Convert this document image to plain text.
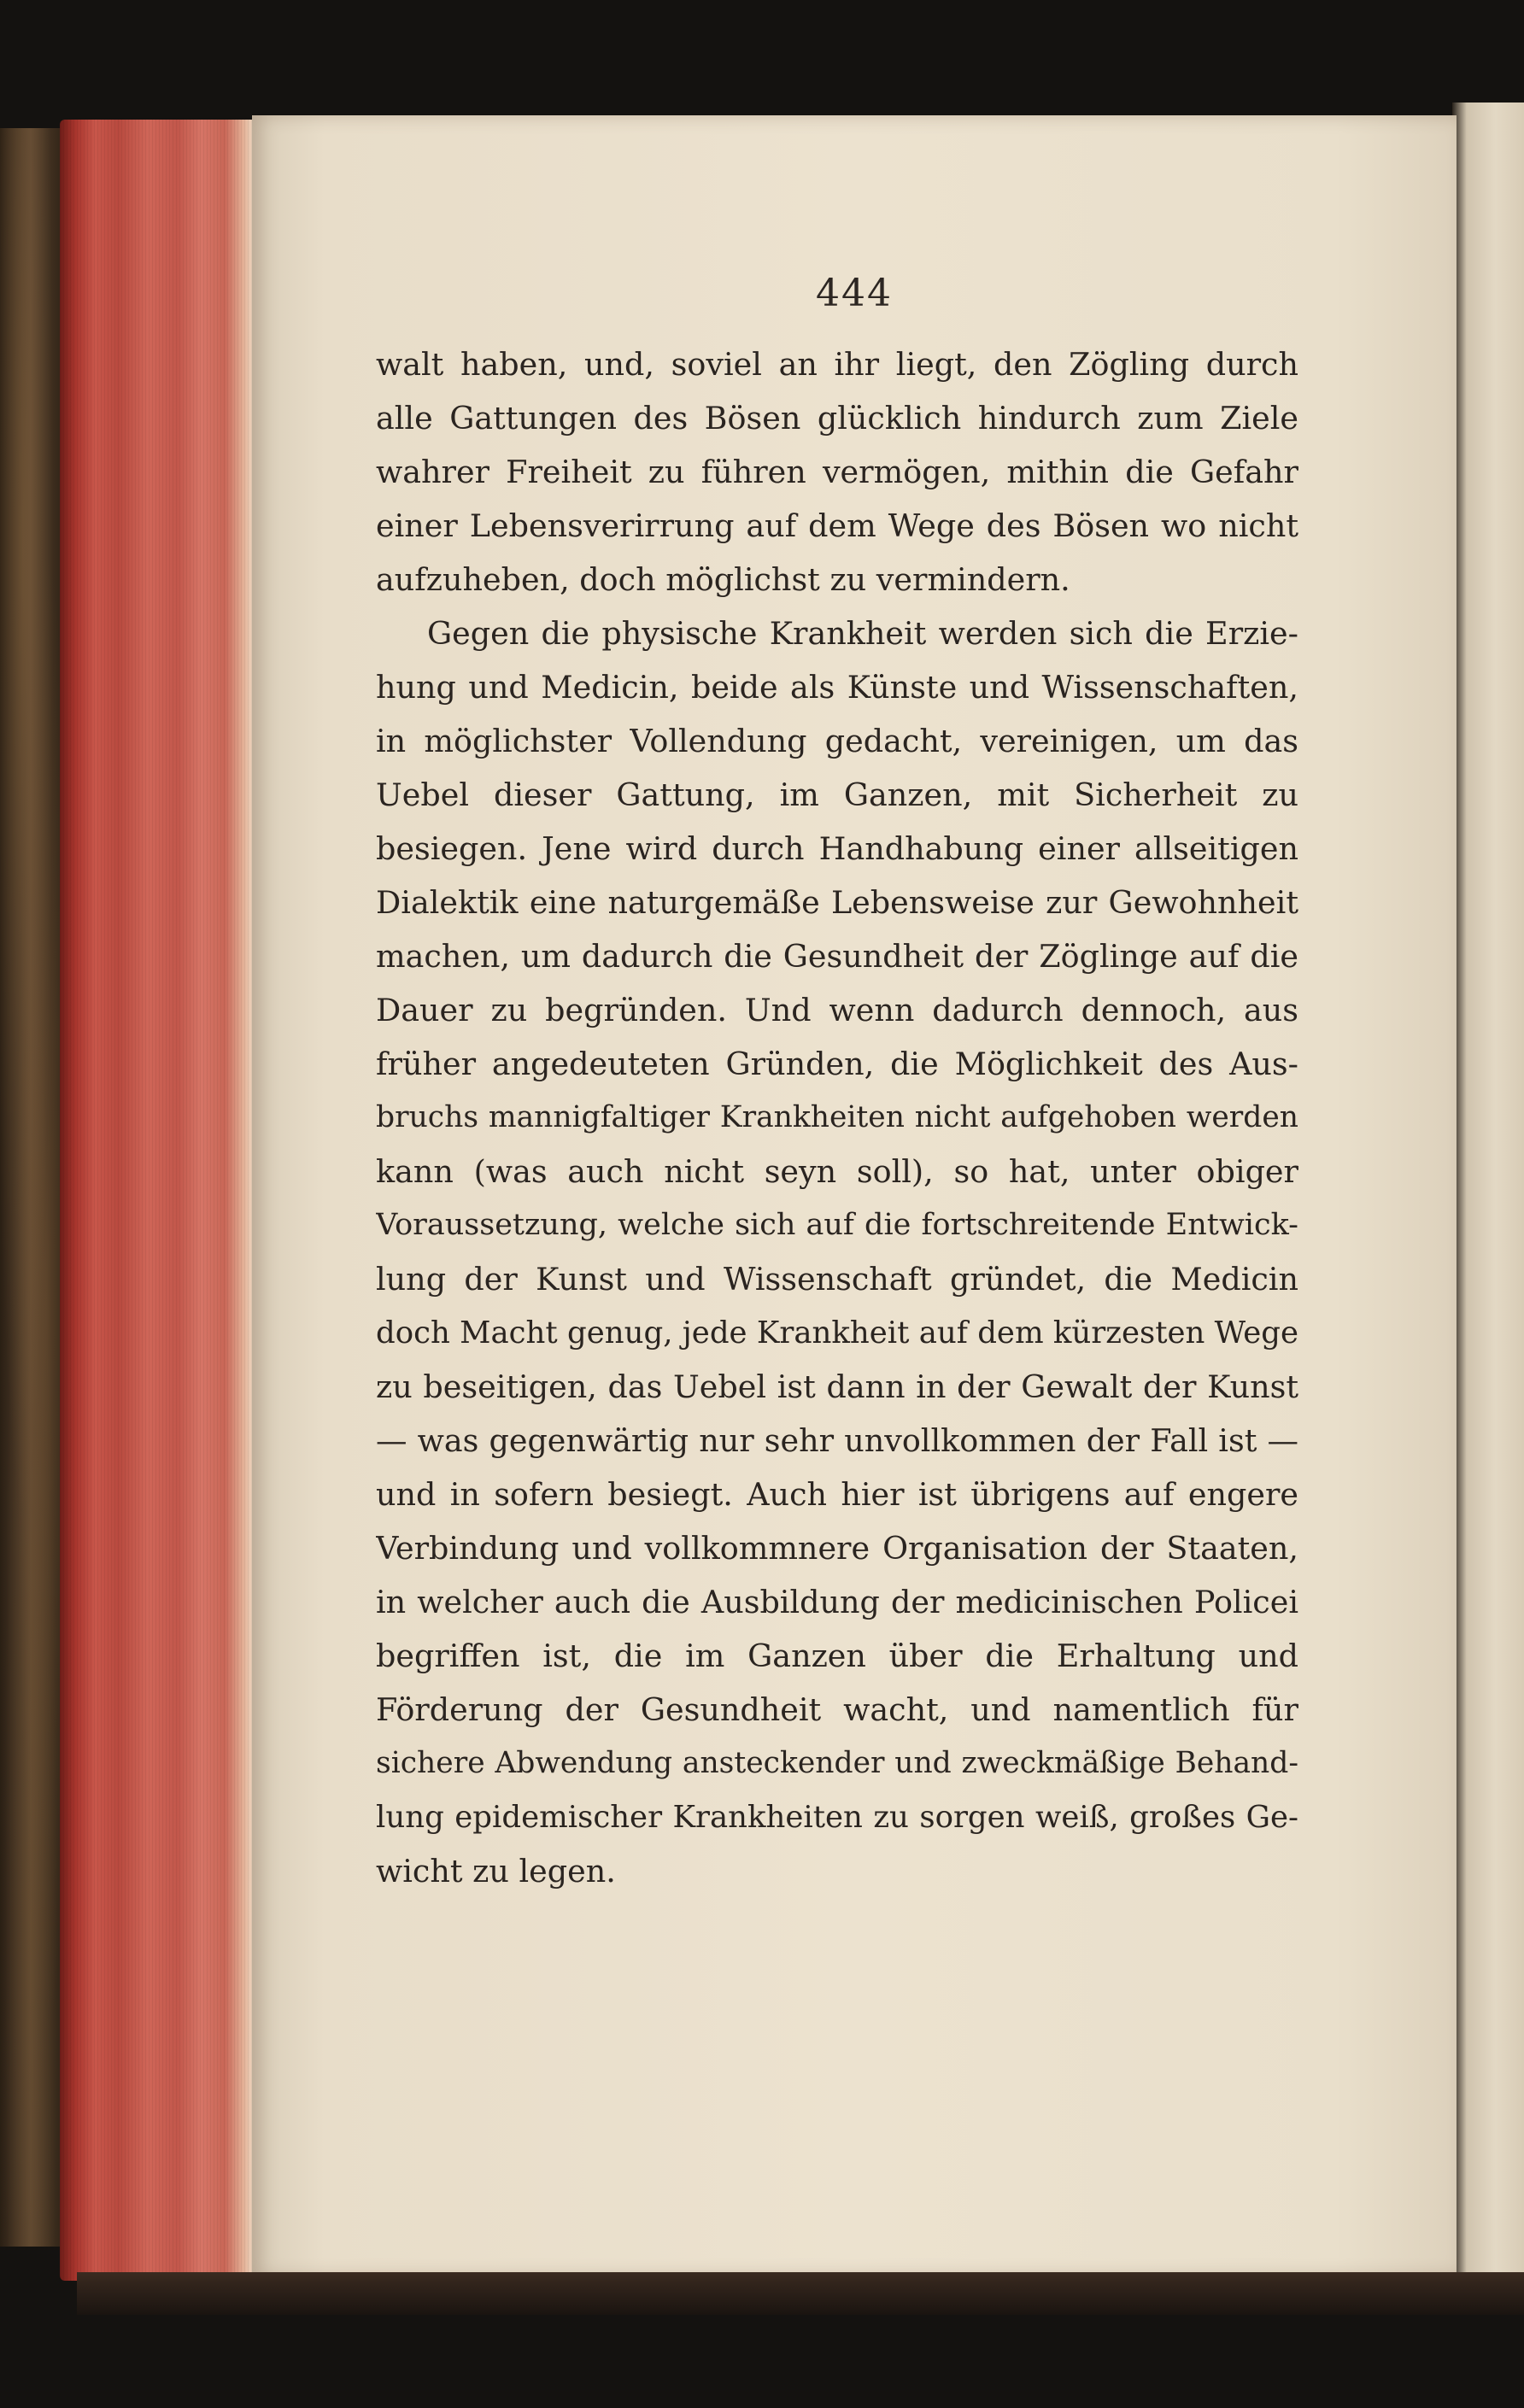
444
walt haben, und, soviel an ihr liegt, den Zögling durch
alle Gattungen des Bösen glücklich hindurch zum Ziele
wahrer Freiheit zu führen vermögen, mithin die Gefahr
einer Lebensverirrung auf dem Wege des Bösen wo nicht
aufzuheben, doch möglichst zu vermindern.
Gegen die physische Krankheit werden sich die Erzie-
hung und Medicin, beide als Künste und Wissenschaften,
in möglichster Vollendung gedacht, vereinigen, um das
Uebel dieser Gattung, im Ganzen, mit Sicherheit zu
besiegen. Jene wird durch Handhabung einer allseitigen
Dialektik eine naturgemäße Lebensweise zur Gewohnheit
machen, um dadurch die Gesundheit der Zöglinge auf die
Dauer zu begründen. Und wenn dadurch dennoch, aus
früher angedeuteten Gründen, die Möglichkeit des Aus-
bruchs mannigfaltiger Krankheiten nicht aufgehoben werden
kann (was auch nicht seyn soll), so hat, unter obiger
Voraussetzung, welche sich auf die fortschreitende Entwick-
lung der Kunst und Wissenschaft gründet, die Medicin
doch Macht genug, jede Krankheit auf dem kürzesten Wege
zu beseitigen, das Uebel ist dann in der Gewalt der Kunst
— was gegenwärtig nur sehr unvollkommen der Fall ist —
und in sofern besiegt. Auch hier ist übrigens auf engere
Verbindung und vollkommnere Organisation der Staaten,
in welcher auch die Ausbildung der medicinischen Policei
begriffen ist, die im Ganzen über die Erhaltung und
Förderung der Gesundheit wacht, und namentlich für
sichere Abwendung ansteckender und zweckmäßige Behand-
lung epidemischer Krankheiten zu sorgen weiß, großes Ge-
wicht zu legen.
